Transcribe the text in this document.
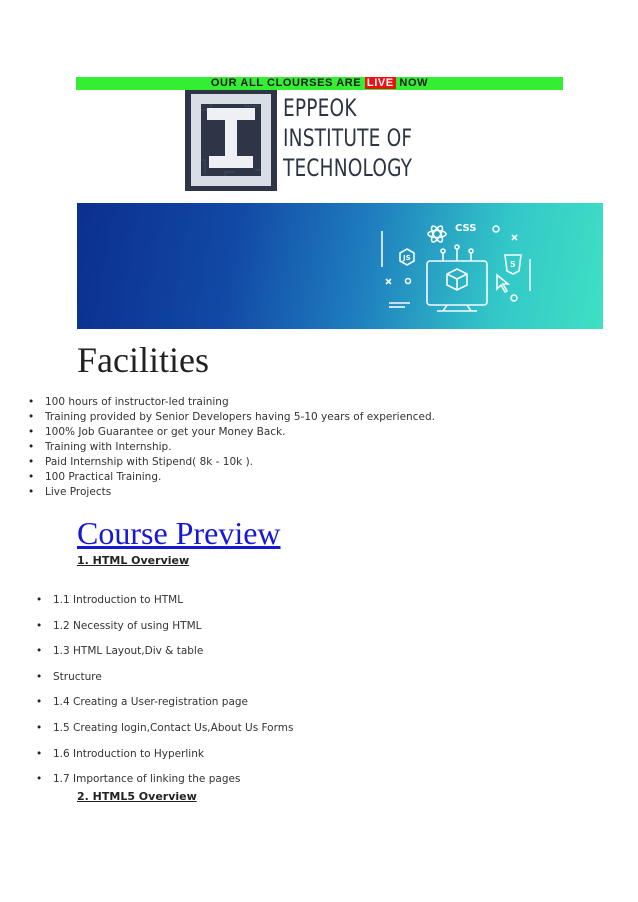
OUR ALL CLOURSES ARE LIVE NOW
EPPEOK
INSTITUTE OF
TECHNOLOGY
CSS
JS
5
Facilities
• 100 hours of instructor-led training
• Training provided by Senior Developers having 5-10 years of experienced.
• 100% Job Guarantee or get your Money Back.
• Training with Internship.
• Paid Internship with Stipend( 8k - 10k ).
• 100 Practical Training.
• Live Projects
Course Preview
1. HTML Overview
• 1.1 Introduction to HTML
• 1.2 Necessity of using HTML
• 1.3 HTML Layout,Div & table
• Structure
• 1.4 Creating a User-registration page
• 1.5 Creating login,Contact Us,About Us Forms
• 1.6 Introduction to Hyperlink
• 1.7 Importance of linking the pages
2. HTML5 Overview
